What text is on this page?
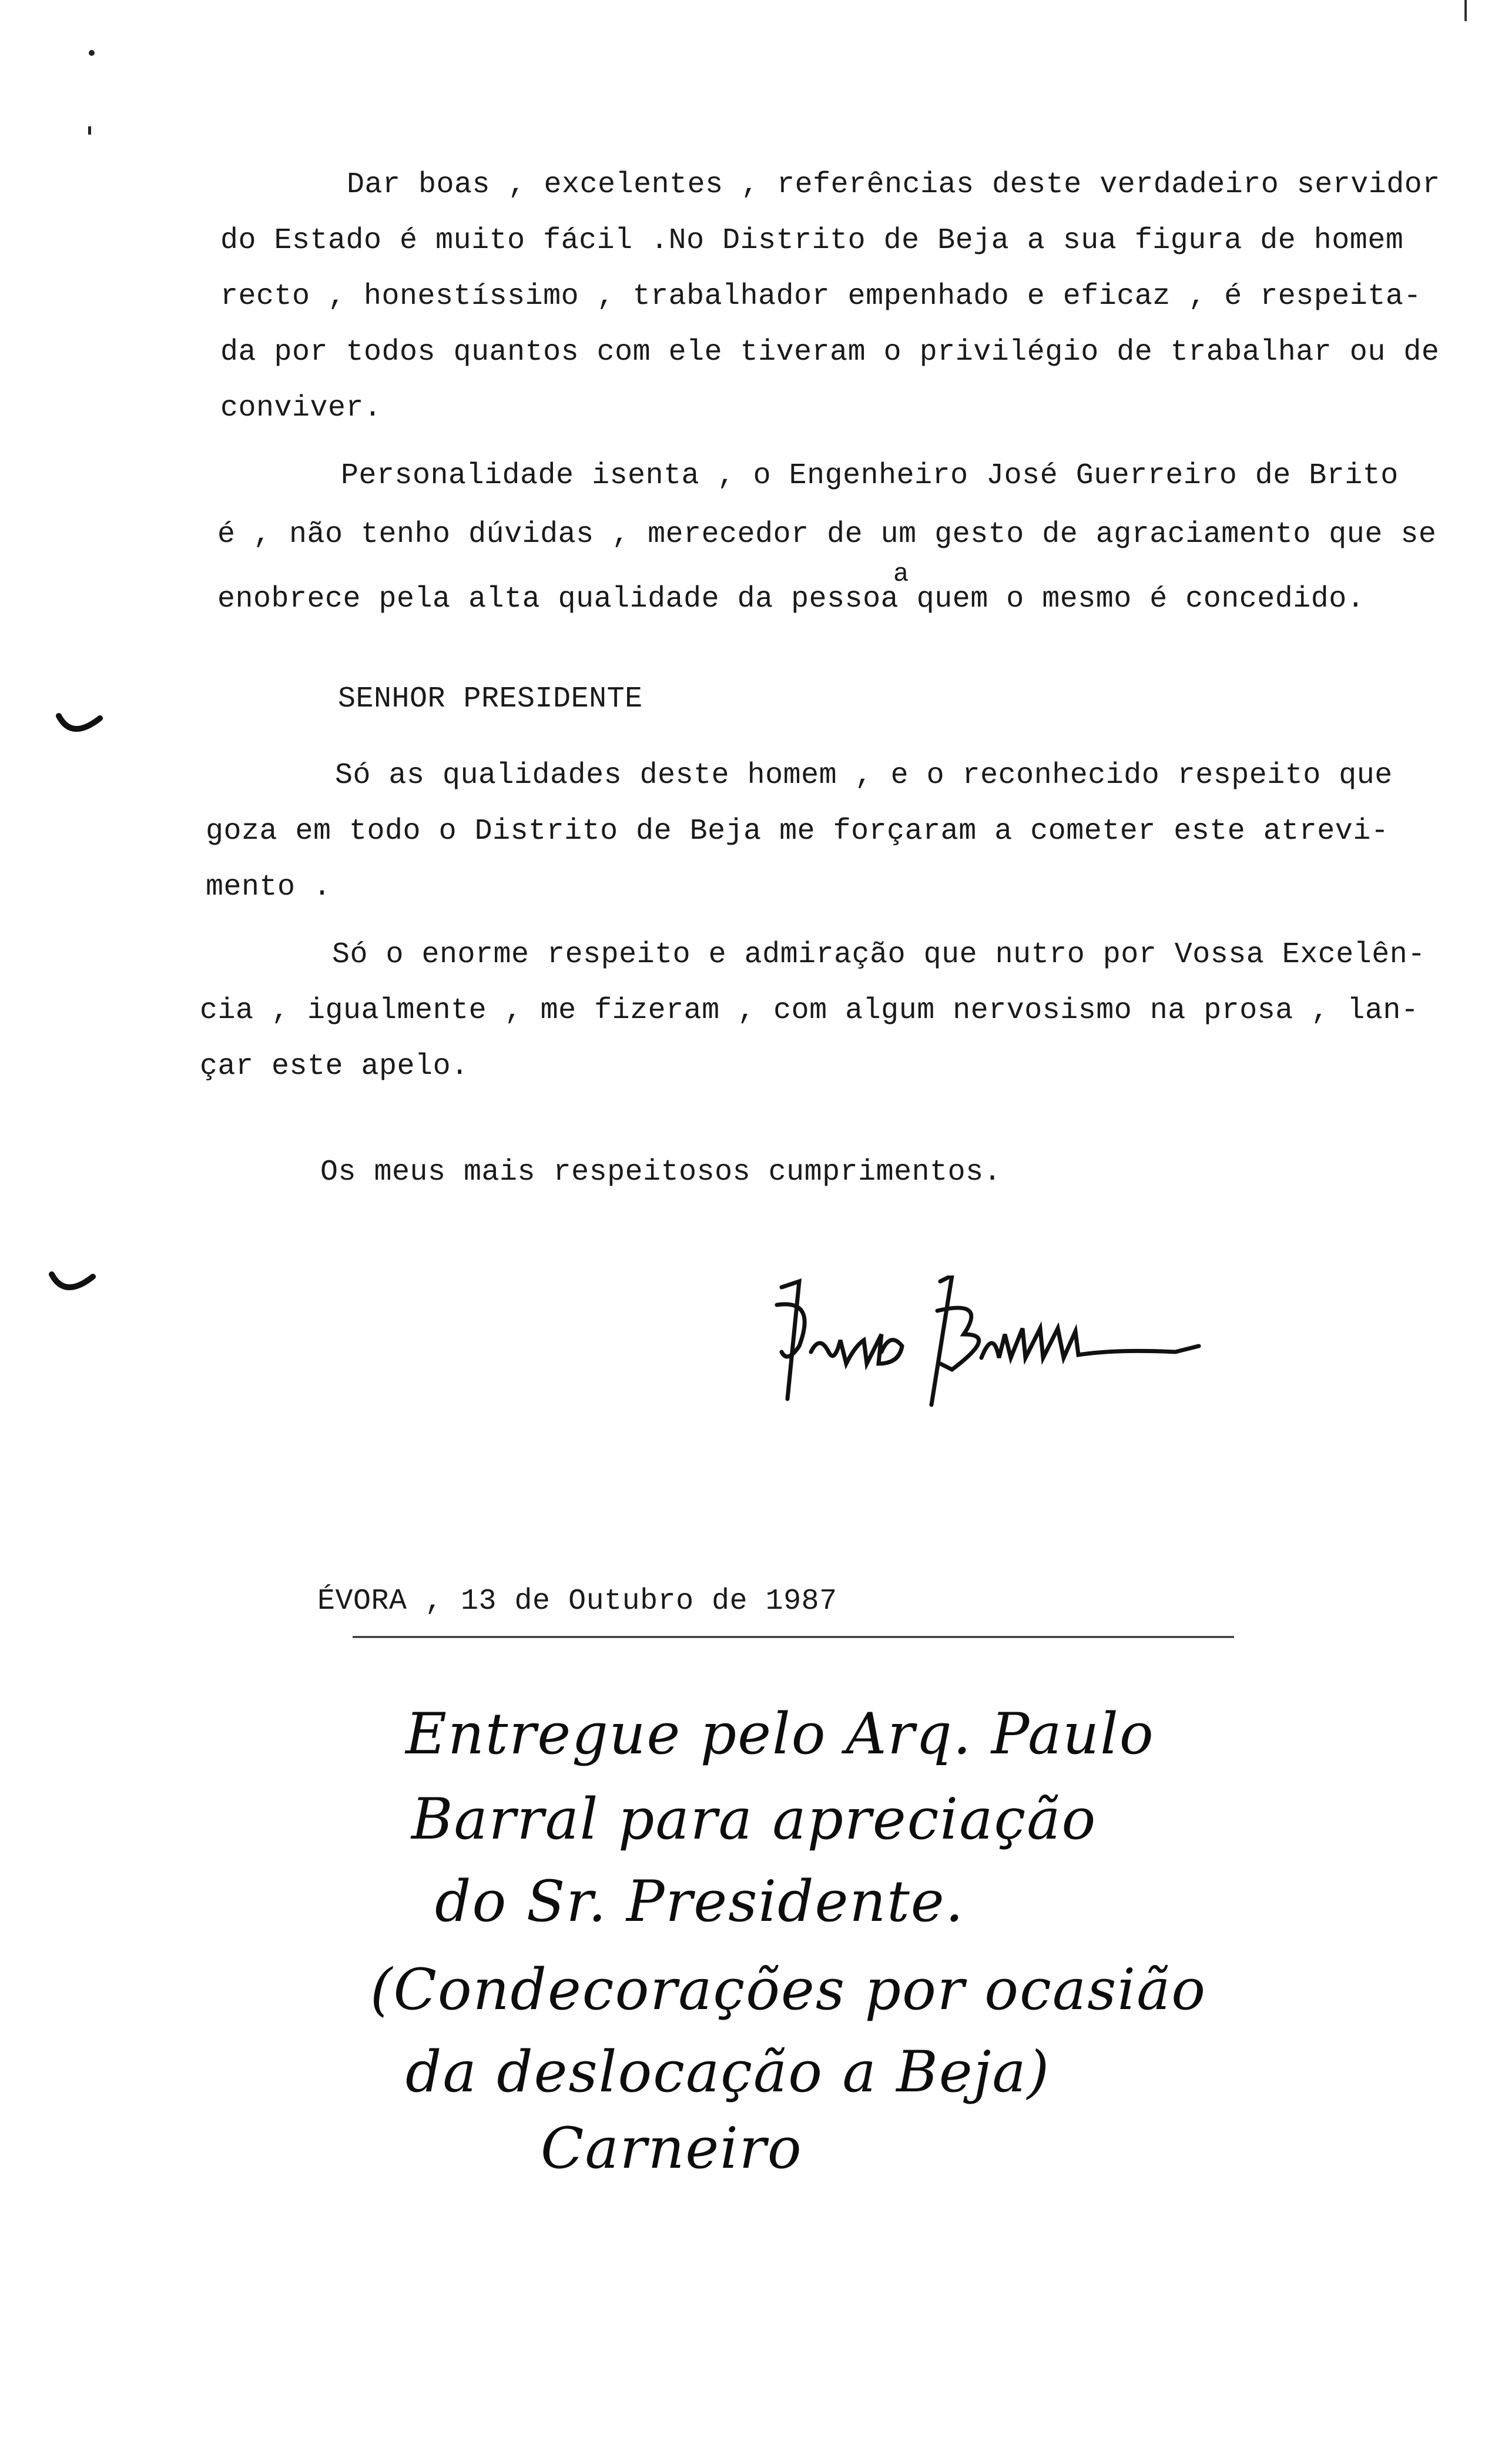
Dar boas , excelentes , referências deste verdadeiro servidor
do Estado é muito fácil .No Distrito de Beja a sua figura de homem
recto , honestíssimo , trabalhador empenhado e eficaz , é respeita-
da por todos quantos com ele tiveram o privilégio de trabalhar ou de
conviver.
Personalidade isenta , o Engenheiro José Guerreiro de Brito
é , não tenho dúvidas , merecedor de um gesto de agraciamento que se
a
enobrece pela alta qualidade da pessoa quem o mesmo é concedido.
SENHOR PRESIDENTE
Só as qualidades deste homem , e o reconhecido respeito que
goza em todo o Distrito de Beja me forçaram a cometer este atrevi-
mento .
Só o enorme respeito e admiração que nutro por Vossa Excelên-
cia , igualmente , me fizeram , com algum nervosismo na prosa , lan-
çar este apelo.
Os meus mais respeitosos cumprimentos.
ÉVORA , 13 de Outubro de 1987
Entregue pelo Arq. Paulo
Barral para apreciação
do Sr. Presidente.
(Condecorações por ocasião
da deslocação a Beja)
Carneiro
